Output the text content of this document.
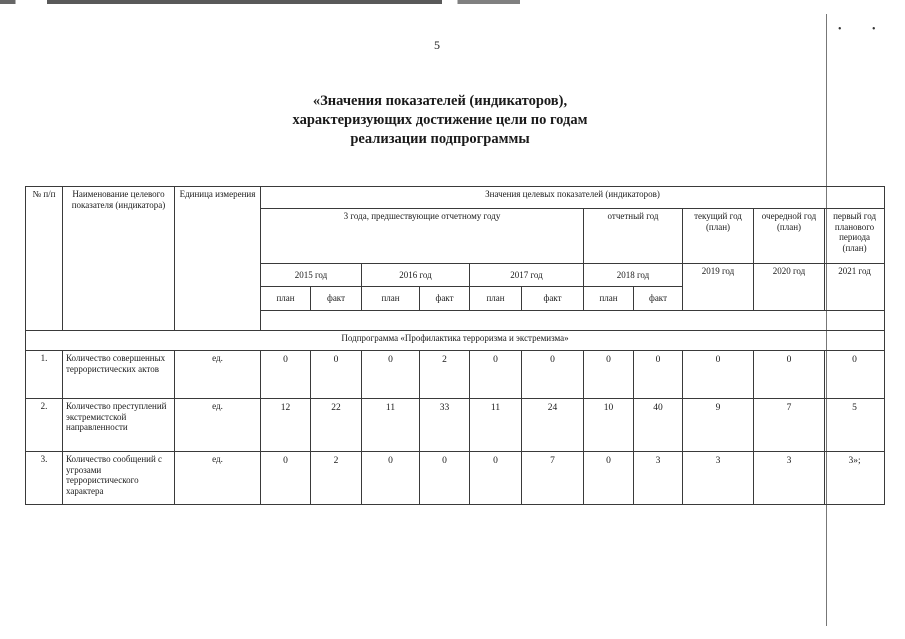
•	•
5
«Значения показателей (индикаторов),
характеризующих достижение цели по годам
реализации подпрограммы
№ п/п	Наименование целевого показателя (индикатора)	Единица измерения	Значения целевых показателей (индикаторов)										
			3 года, предшествующие отчетному году						отчетный год		текущий год (план)	очередной год (план)	первый год планового периода (план)
			2015 год		2016 год		2017 год		2018 год		2019 год	2020 год	2021 год
			план	факт	план	факт	план	факт	план	факт			

Подпрограмма «Профилактика терроризма и экстремизма»													
1.	Количество совершенных террористических актов	ед.	0	0	0	2	0	0	0	0	0	0	0
2.	Количество преступлений экстремистской направленности	ед.	12	22	11	33	11	24	10	40	9	7	5
3.	Количество сообщений с угрозами террористического характера	ед.	0	2	0	0	0	7	0	3	3	3	3»;
